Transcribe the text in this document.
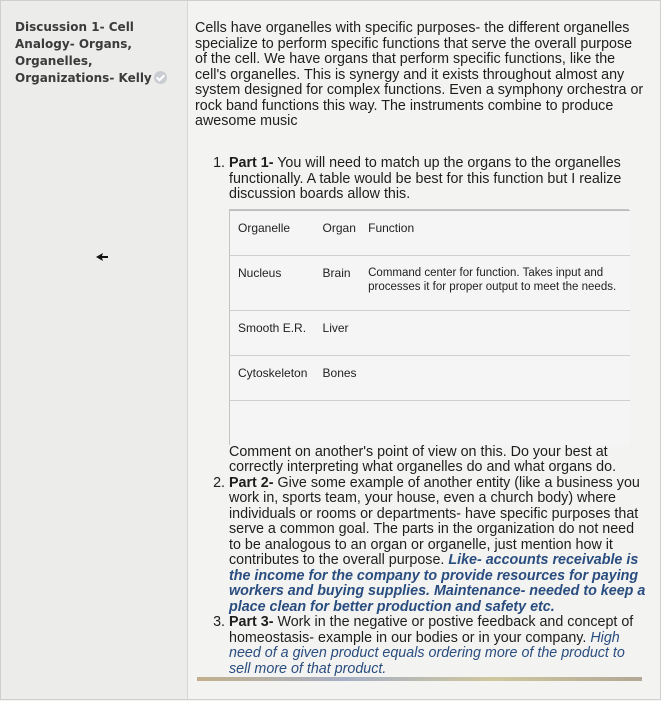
Discussion 1- Cell Analogy- Organs, Organelles, Organizations- Kelly

Cells have organelles with specific purposes- the different organelles specialize to perform specific functions that serve the overall purpose of the cell. We have organs that perform specific functions, like the cell's organelles. This is synergy and it exists throughout almost any system designed for complex functions. Even a symphony orchestra or rock band functions this way. The instruments combine to produce awesome music

1. Part 1- You will need to match up the organs to the organelles functionally. A table would be best for this function but I realize discussion boards allow this.
Organelle	Organ	Function
Nucleus	Brain	Command center for function. Takes input and processes it for proper output to meet the needs.
Smooth E.R.	Liver	
Cytoskeleton	Bones	

Comment on another's point of view on this. Do your best at correctly interpreting what organelles do and what organs do.
2. Part 2- Give some example of another entity (like a business you work in, sports team, your house, even a church body) where individuals or rooms or departments- have specific purposes that serve a common goal. The parts in the organization do not need to be analogous to an organ or organelle, just mention how it contributes to the overall purpose. Like- accounts receivable is the income for the company to provide resources for paying workers and buying supplies. Maintenance- needed to keep a place clean for better production and safety etc.
3. Part 3- Work in the negative or postive feedback and concept of homeostasis- example in our bodies or in your company. High need of a given product equals ordering more of the product to sell more of that product.
